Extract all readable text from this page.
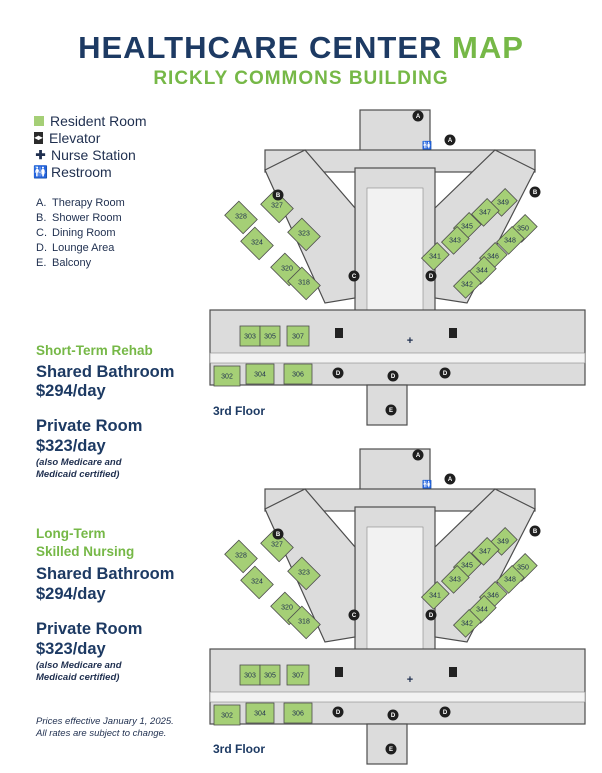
HEALTHCARE CENTER MAP
RICKLY COMMONS BUILDING
Resident Room
◂▸ Elevator
✚ Nurse Station
🚻 Restroom
A. Therapy Room
B. Shower Room
C. Dining Room
D. Lounge Area
E. Balcony
Short-Term Rehab
Shared Bathroom
$294/day
Private Room
$323/day
(also Medicare and
Medicaid certified)
Long-Term
Skilled Nursing
Shared Bathroom
$294/day
Private Room
$323/day
(also Medicare and
Medicaid certified)
Prices effective January 1, 2025.
All rates are subject to change.
3rd Floor
3rd Floor
302
303
304
305
306
307
318
320
323
324
327
328
341
342
343
344
345
346
347
348
349
350
A
A
B	B
C	D
D
D	D
E
+
🚻
302
303
304
305
306
307
318
320
323
324
327
328
341
342
343
344
345
346
347
348
349
350
A
A
B	B
C	D
D
D	D
E
+
🚻
